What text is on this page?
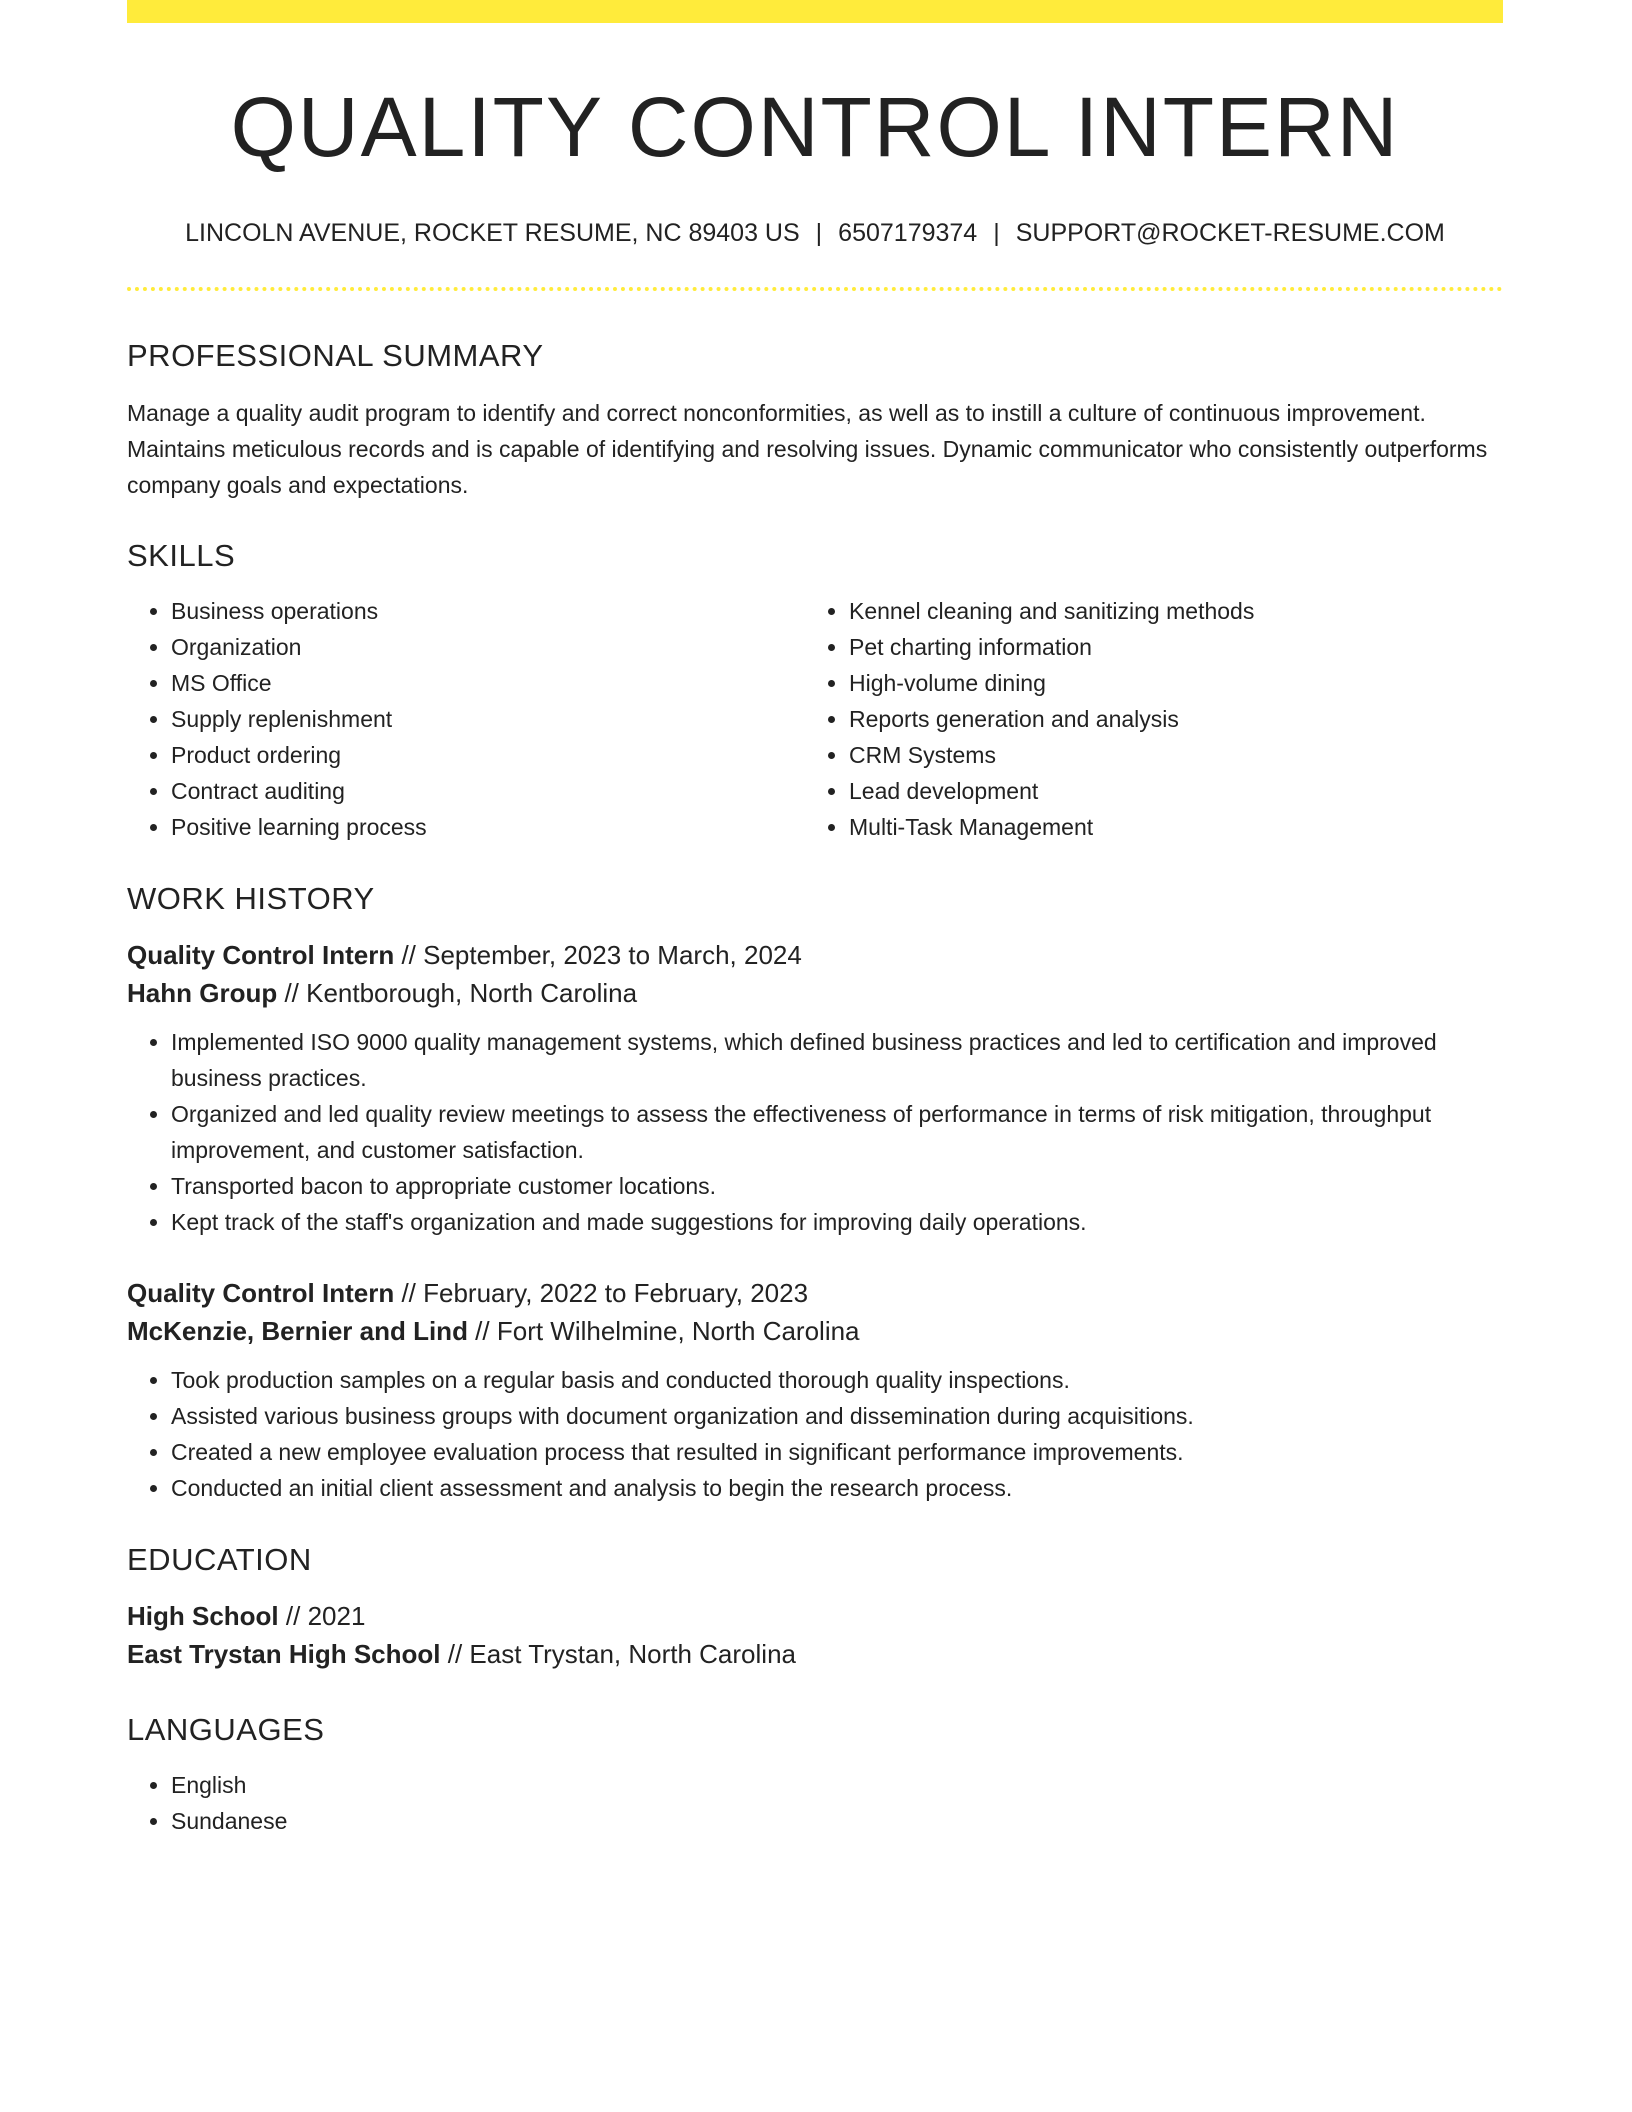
QUALITY CONTROL INTERN
LINCOLN AVENUE, ROCKET RESUME, NC 89403 US | 6507179374 | SUPPORT@ROCKET-RESUME.COM
PROFESSIONAL SUMMARY
Manage a quality audit program to identify and correct nonconformities, as well as to instill a culture of continuous improvement. Maintains meticulous records and is capable of identifying and resolving issues. Dynamic communicator who consistently outperforms company goals and expectations.
SKILLS
• Business operations
• Organization
• MS Office
• Supply replenishment
• Product ordering
• Contract auditing
• Positive learning process
• Kennel cleaning and sanitizing methods
• Pet charting information
• High-volume dining
• Reports generation and analysis
• CRM Systems
• Lead development
• Multi-Task Management
WORK HISTORY
Quality Control Intern // September, 2023 to March, 2024
Hahn Group // Kentborough, North Carolina
• Implemented ISO 9000 quality management systems, which defined business practices and led to certification and improved business practices.
• Organized and led quality review meetings to assess the effectiveness of performance in terms of risk mitigation, throughput improvement, and customer satisfaction.
• Transported bacon to appropriate customer locations.
• Kept track of the staff's organization and made suggestions for improving daily operations.
Quality Control Intern // February, 2022 to February, 2023
McKenzie, Bernier and Lind // Fort Wilhelmine, North Carolina
• Took production samples on a regular basis and conducted thorough quality inspections.
• Assisted various business groups with document organization and dissemination during acquisitions.
• Created a new employee evaluation process that resulted in significant performance improvements.
• Conducted an initial client assessment and analysis to begin the research process.
EDUCATION
High School // 2021
East Trystan High School // East Trystan, North Carolina
LANGUAGES
• English
• Sundanese
